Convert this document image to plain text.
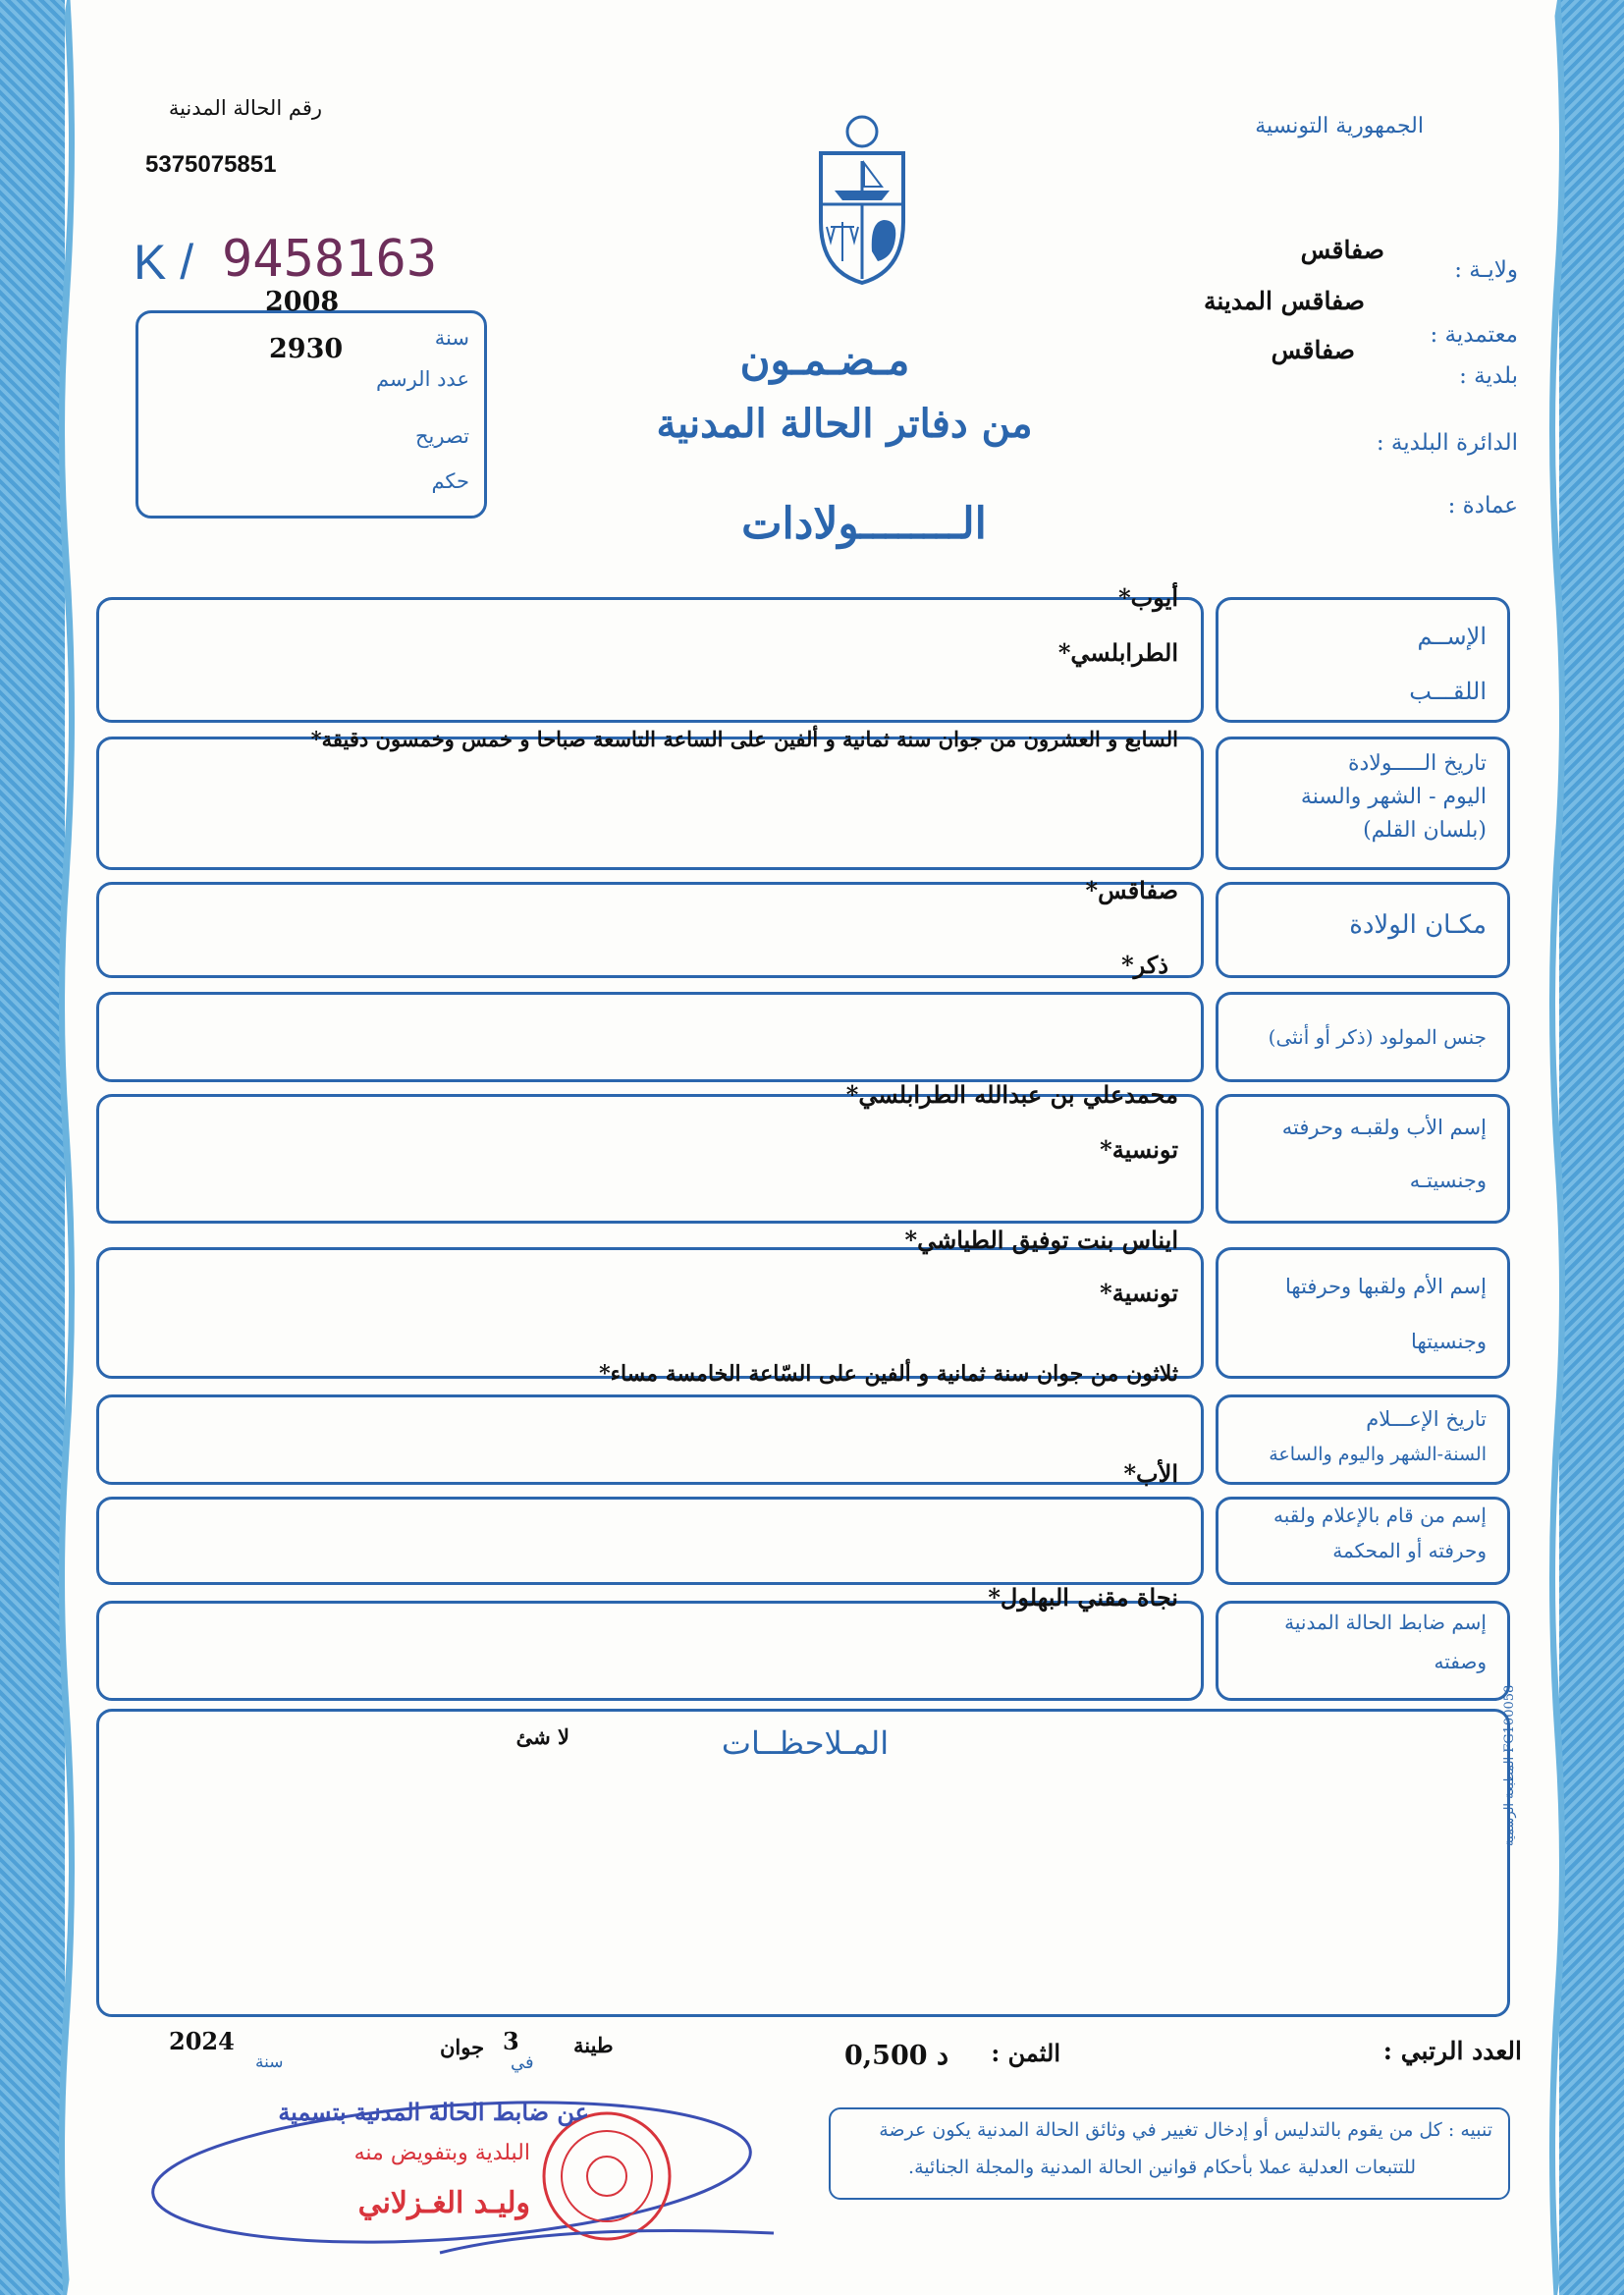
رقم الحالة المدنية
5375075851
الجمهورية التونسية
K / 9458163
2008
2930	سنة
عدد الرسم
تصريح
حكم
ولايـة :
صفاقس
صفاقس المدينة
معتمدية :
صفاقس
بلدية :
الدائرة البلدية :
عمادة :
مـضـمـون
من دفاتر الحالة المدنية
الــــــــولادات
الإســم
اللقـــب
أيوب*
الطرابلسي*
تاريخ الـــــولادة
اليوم - الشهر والسنة
(بلسان القلم)
السابع و العشرون من جوان سنة ثمانية و ألفين على الساعة التاسعة صباحا و خمس وخمسون دقيقة*
مكـان الولادة
صفاقس*
جنس المولود (ذكر أو أنثى)
ذكر*
إسم الأب ولقبـه وحرفته
وجنسيتـه
محمدعلي بن عبدالله الطرابلسي*
تونسية*
إسم الأم ولقبها وحرفتها
وجنسيتها
ايناس بنت توفيق الطياشي*
تونسية*
تاريخ الإعـــلام
السنة-الشهر واليوم والساعة
ثلاثون من جوان سنة ثمانية و ألفين على السّاعة الخامسة مساء*
إسم من قام بالإعلام ولقبه
وحرفته أو المحكمة
الأب*
إسم ضابط الحالة المدنية
وصفته
نجاة مقني البهلول*
المـلاحظــات
لا شئ
المطبعة الرسمية FG100058
العدد الرتبي :
الثمن :
0,500 د
2024
سنة
جوان 3
في
طينة
عن ضابط الحالة المدنية بتسمية
البلدية وبتفويض منه
وليـد الغـزلاني
تنبيه : كل من يقوم بالتدليس أو إدخال تغيير في وثائق الحالة المدنية يكون عرضة
للتتبعات العدلية عملا بأحكام قوانين الحالة المدنية والمجلة الجنائية.
